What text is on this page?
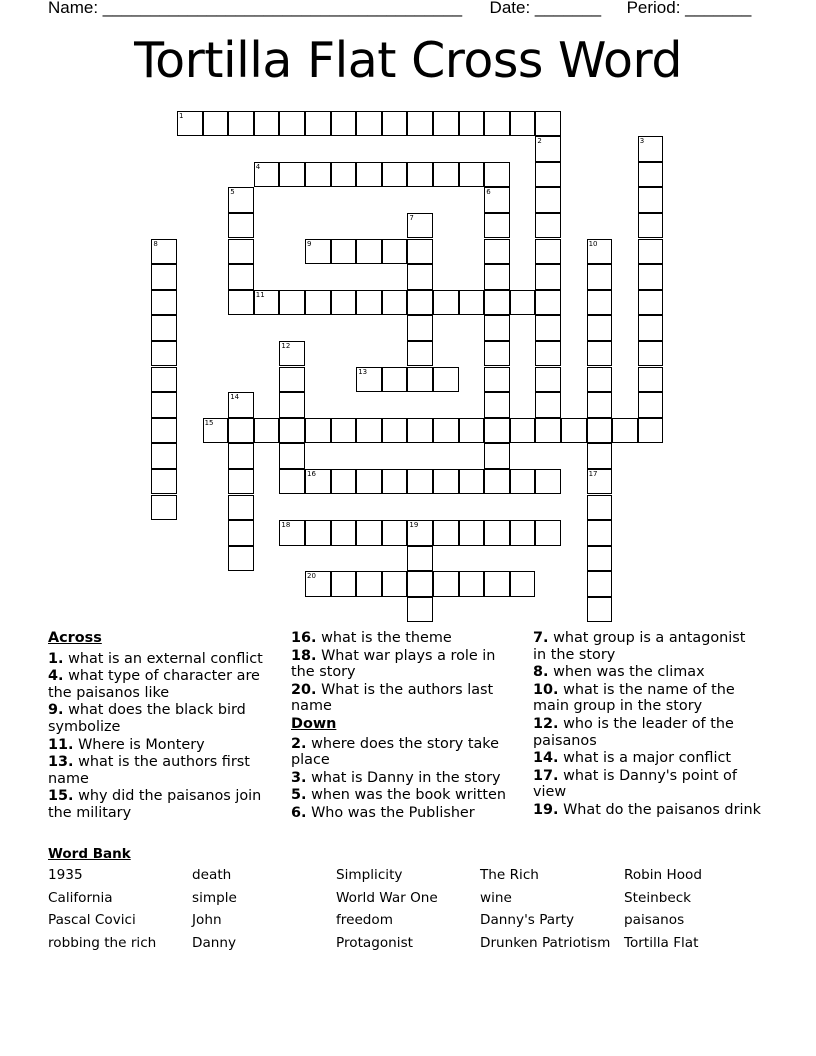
Name: ______________________________________ Date: _______ Period: _______
Tortilla Flat Cross Word
1
2	3
4
5	6
7
8	9	10
17
11
12
13
14
15
16
18	19
20
Across
1. what is an external conflict
4. what type of character are the paisanos like
9. what does the black bird symbolize
11. Where is Montery
13. what is the authors first name
15. why did the paisanos join the military
16. what is the theme
18. What war plays a role in the story
20. What is the authors last name
Down
2. where does the story take place
3. what is Danny in the story
5. when was the book written
6. Who was the Publisher
7. what group is a antagonist in the story
8. when was the climax
10. what is the name of the main group in the story
12. who is the leader of the paisanos
14. what is a major conflict
17. what is Danny's point of view
19. What do the paisanos drink
Word Bank
1935	death	Simplicity	The Rich	Robin Hood
California	simple	World War One	wine	Steinbeck
Pascal Covici	John	freedom	Danny's Party	paisanos
robbing the rich	Danny	Protagonist	Drunken Patriotism	Tortilla Flat
